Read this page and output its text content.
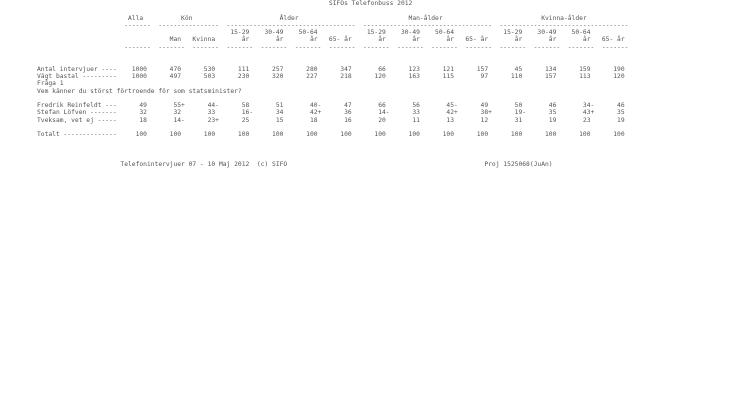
SIFOs Telefonbuss 2012

Alla          Kön                       Ålder                             Man-ålder                          Kvinna-ålder
-------  ----------------  ----------------------------------  ----------------------------------  ----------------------------------
15-29    30-49    50-64             15-29    30-49    50-64             15-29    30-49    50-64
Man   Kvinna       år       år       år   65- år       år       år       år   65- år       år       år       år   65- år
-------  -------  -------  -------  -------  -------  -------  -------  -------  -------  -------  -------  -------  -------  -------

Antal intervjuer ----    1000      470      530      111      257      280      347       66      123      121      157       45      134      159      190
Vägt bastal ---------    1000      497      503      230      320      227      218      120      163      115       97      110      157      113      120
Fråga 1
Vem känner du störst förtroende för som statsminister?

Fredrik Reinfeldt ---      49       55+      44-      58       51       40-      47       66       56       45-      49       50       46       34-      46
Stefan Löfven -------      32       32       33       16-      34       42+      36       14-      33       42+      38+      19-      35       43+      35
Tveksam, vet ej -----      18       14-      23+      25       15       18       16       20       11       13       12       31       19       23       19

Totalt --------------     100      100      100      100      100      100      100      100      100      100      100      100      100      100      100

Telefonintervjuer 07 - 10 Maj 2012  (c) SIFO                                                    Proj 1525068(JuAn)
